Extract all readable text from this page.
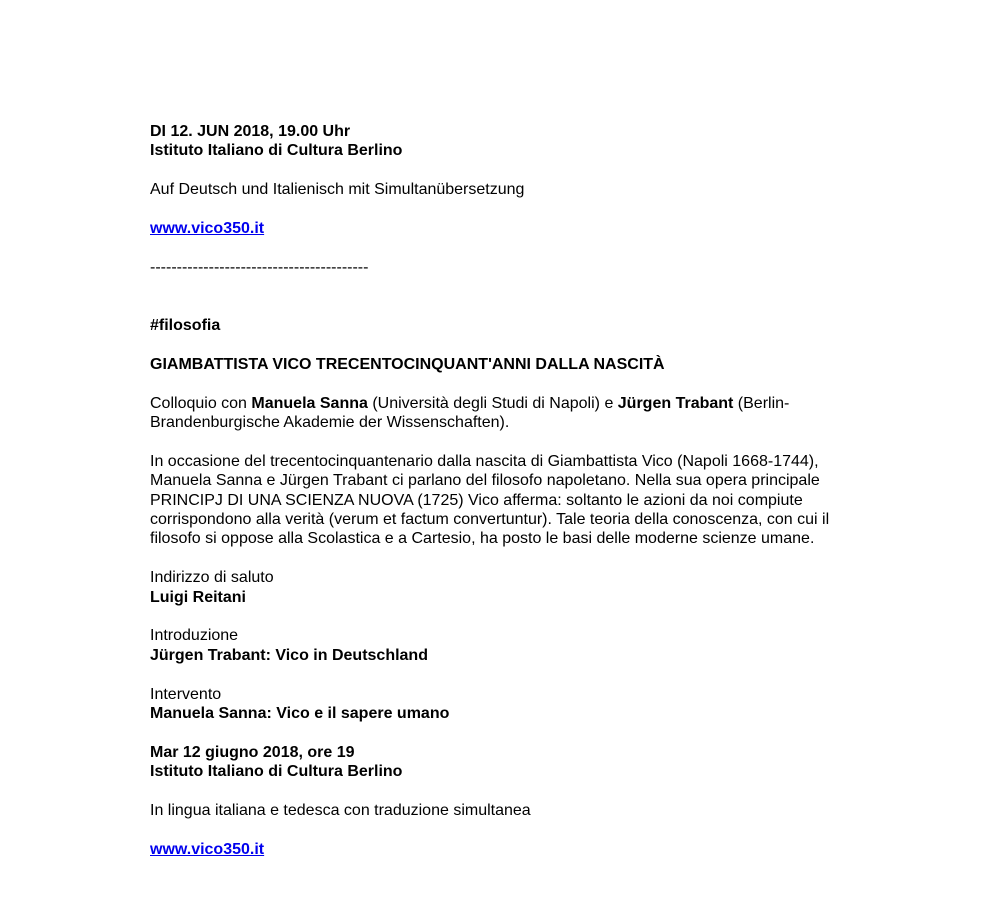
DI 12. JUN 2018, 19.00 Uhr
Istituto Italiano di Cultura Berlino
Auf Deutsch und Italienisch mit Simultanübersetzung
www.vico350.it
-----------------------------------------
#filosofia
GIAMBATTISTA VICO TRECENTOCINQUANT'ANNI DALLA NASCITÀ
Colloquio con Manuela Sanna (Università degli Studi di Napoli) e Jürgen Trabant (Berlin-
Brandenburgische Akademie der Wissenschaften).
In occasione del trecentocinquantenario dalla nascita di Giambattista Vico (Napoli 1668-1744),
Manuela Sanna e Jürgen Trabant ci parlano del filosofo napoletano. Nella sua opera principale
PRINCIPJ DI UNA SCIENZA NUOVA (1725) Vico afferma: soltanto le azioni da noi compiute
corrispondono alla verità (verum et factum convertuntur). Tale teoria della conoscenza, con cui il
filosofo si oppose alla Scolastica e a Cartesio, ha posto le basi delle moderne scienze umane.
Indirizzo di saluto
Luigi Reitani
Introduzione
Jürgen Trabant: Vico in Deutschland
Intervento
Manuela Sanna: Vico e il sapere umano
Mar 12 giugno 2018, ore 19
Istituto Italiano di Cultura Berlino
In lingua italiana e tedesca con traduzione simultanea
www.vico350.it
